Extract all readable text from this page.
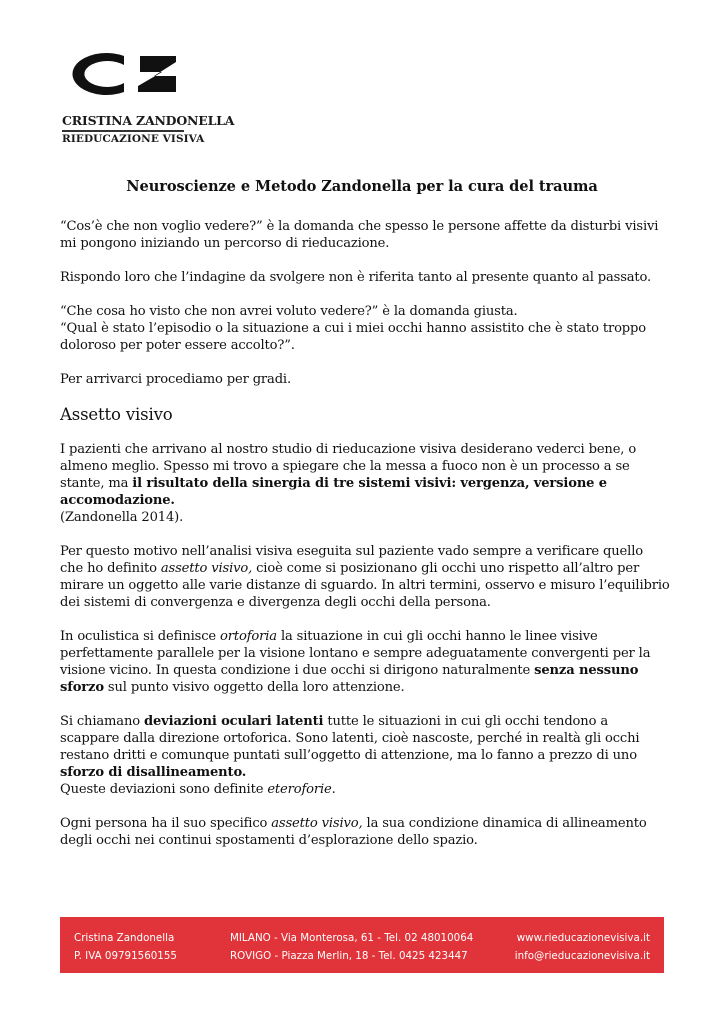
CRISTINA ZANDONELLA
RIEDUCAZIONE VISIVA
Neuroscienze e Metodo Zandonella per la cura del trauma

“Cos’è che non voglio vedere?” è la domanda che spesso le persone affette da disturbi visivi mi pongono iniziando un percorso di rieducazione.

Rispondo loro che l’indagine da svolgere non è riferita tanto al presente quanto al passato.

“Che cosa ho visto che non avrei voluto vedere?” è la domanda giusta.

“Qual è stato l’episodio o la situazione a cui i miei occhi hanno assistito che è stato troppo doloroso per poter essere accolto?”.

Per arrivarci procediamo per gradi.

Assetto visivo

I pazienti che arrivano al nostro studio di rieducazione visiva desiderano vederci bene, o almeno meglio. Spesso mi trovo a spiegare che la messa a fuoco non è un processo a se stante, ma il risultato della sinergia di tre sistemi visivi: vergenza, versione e accomodazione.
(Zandonella 2014).

Per questo motivo nell’analisi visiva eseguita sul paziente vado sempre a verificare quello che ho definito assetto visivo, cioè come si posizionano gli occhi uno rispetto all’altro per mirare un oggetto alle varie distanze di sguardo. In altri termini, osservo e misuro l’equilibrio dei sistemi di convergenza e divergenza degli occhi della persona.

In oculistica si definisce ortoforia la situazione in cui gli occhi hanno le linee visive perfettamente parallele per la visione lontano e sempre adeguatamente convergenti per la visione vicino. In questa condizione i due occhi si dirigono naturalmente senza nessuno sforzo sul punto visivo oggetto della loro attenzione.

Si chiamano deviazioni oculari latenti tutte le situazioni in cui gli occhi tendono a scappare dalla direzione ortoforica. Sono latenti, cioè nascoste, perché in realtà gli occhi restano dritti e comunque puntati sull’oggetto di attenzione, ma lo fanno a prezzo di uno sforzo di disallineamento.
Queste deviazioni sono definite eteroforie.

Ogni persona ha il suo specifico assetto visivo, la sua condizione dinamica di allineamento degli occhi nei continui spostamenti d’esplorazione dello spazio.

Cristina Zandonella
P. IVA 09791560155
MILANO - Via Monterosa, 61 - Tel. 02 48010064
ROVIGO - Piazza Merlin, 18 - Tel. 0425 423447
www.rieducazionevisiva.it
info@rieducazionevisiva.it
